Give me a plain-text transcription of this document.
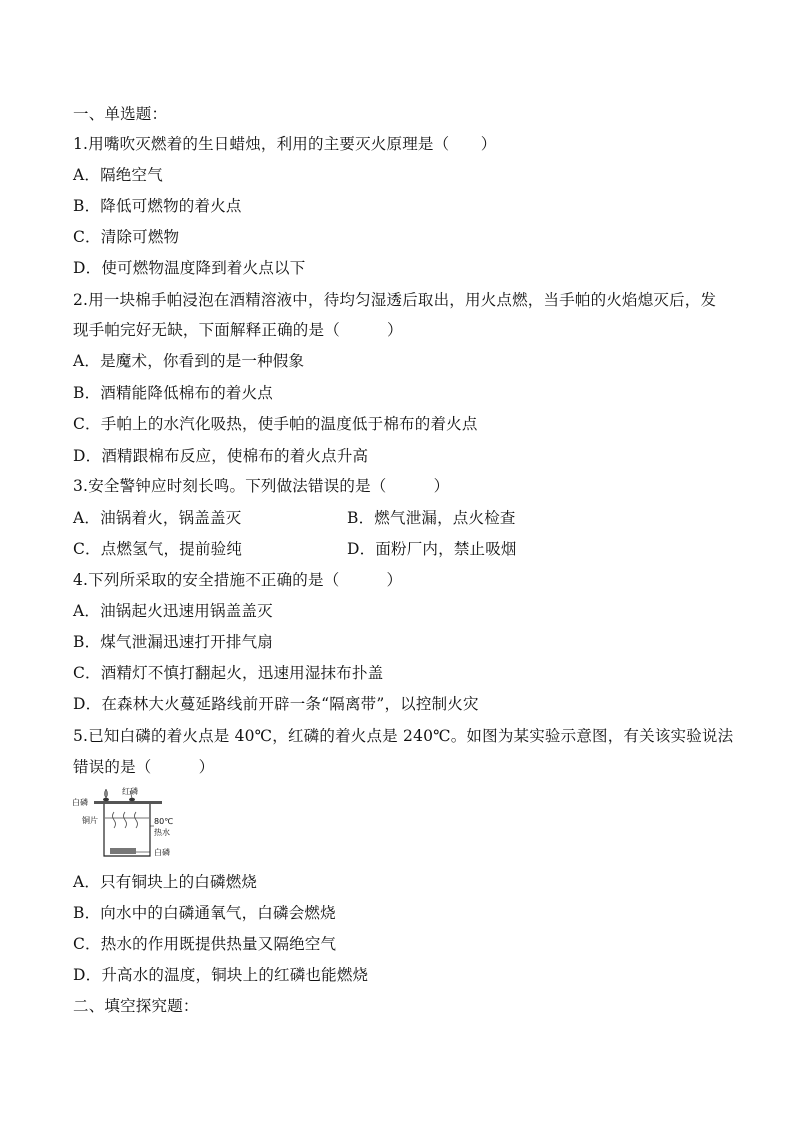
一、单选题：
1.用嘴吹灭燃着的生日蜡烛，利用的主要灭火原理是（　　）
A．隔绝空气
B．降低可燃物的着火点
C．清除可燃物
D．使可燃物温度降到着火点以下
2.用一块棉手帕浸泡在酒精溶液中，待均匀湿透后取出，用火点燃，当手帕的火焰熄灭后，发
现手帕完好无缺，下面解释正确的是（　　　）
A．是魔术，你看到的是一种假象
B．酒精能降低棉布的着火点
C．手帕上的水汽化吸热，使手帕的温度低于棉布的着火点
D．酒精跟棉布反应，使棉布的着火点升高
3.安全警钟应时刻长鸣。下列做法错误的是（　　　）
A．油锅着火，锅盖盖灭	B．燃气泄漏，点火检查
C．点燃氢气，提前验纯	D．面粉厂内，禁止吸烟
4.下列所采取的安全措施不正确的是（　　　）
A．油锅起火迅速用锅盖盖灭
B．煤气泄漏迅速打开排气扇
C．酒精灯不慎打翻起火，迅速用湿抹布扑盖
D．在森林大火蔓延路线前开辟一条“隔离带”，以控制火灾
5.已知白磷的着火点是 40℃，红磷的着火点是 240℃。如图为某实验示意图，有关该实验说法
错误的是（　　　）
红磷
白磷
铜片	80℃
热水
白磷
A．只有铜块上的白磷燃烧
B．向水中的白磷通氧气，白磷会燃烧
C．热水的作用既提供热量又隔绝空气
D．升高水的温度，铜块上的红磷也能燃烧
二、填空探究题：
